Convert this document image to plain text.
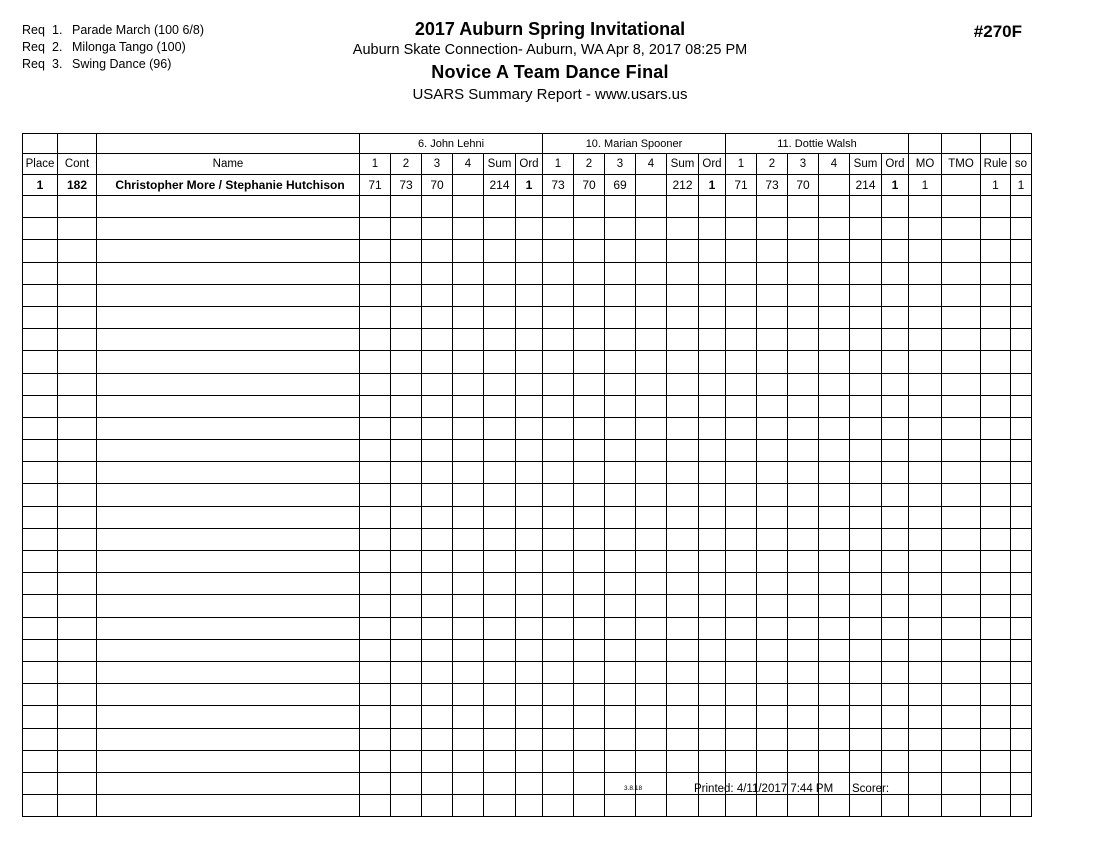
Req 1. Parade March (100 6/8)
Req 2. Milonga Tango (100)
Req 3. Swing Dance (96)
2017 Auburn Spring Invitational
Auburn Skate Connection- Auburn, WA Apr 8, 2017 08:25 PM
Novice A Team Dance Final
USARS Summary Report - www.usars.us
#270F
			6. John Lehni						10. Marian Spooner						11. Dottie Walsh									
Place	Cont	Name	1	2	3	4	Sum	Ord	1	2	3	4	Sum	Ord	1	2	3	4	Sum	Ord	MO	TMO	Rule	so
1	182	Christopher More / Stephanie Hutchison	71	73	70		214	1	73	70	69		212	1	71	73	70		214	1	1		1	1

3.8.18	Printed: 4/11/2017 7:44 PM Scorer:
